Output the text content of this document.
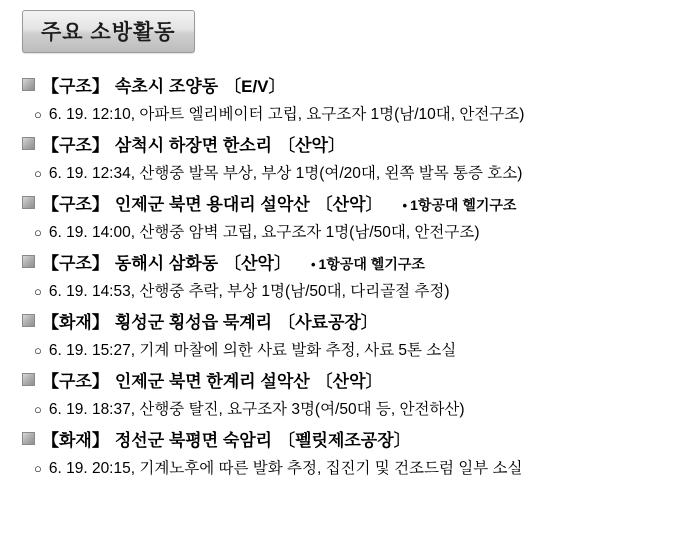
주요 소방활동
【구조】 속초시 조양동 〔E/V〕
○ 6. 19. 12:10, 아파트 엘리베이터 고립, 요구조자 1명(남/10대, 안전구조)
【구조】 삼척시 하장면 한소리 〔산악〕
○ 6. 19. 12:34, 산행중 발목 부상, 부상 1명(여/20대, 왼쪽 발목 통증 호소)
【구조】 인제군 북면 용대리 설악산 〔산악〕 • 1항공대 헬기구조
○ 6. 19. 14:00, 산행중 암벽 고립, 요구조자 1명(남/50대, 안전구조)
【구조】 동해시 삼화동 〔산악〕 • 1항공대 헬기구조
○ 6. 19. 14:53, 산행중 추락, 부상 1명(남/50대, 다리골절 추정)
【화재】 횡성군 횡성읍 묵계리 〔사료공장〕
○ 6. 19. 15:27, 기계 마찰에 의한 사료 발화 추정, 사료 5톤 소실
【구조】 인제군 북면 한계리 설악산 〔산악〕
○ 6. 19. 18:37, 산행중 탈진, 요구조자 3명(여/50대 등, 안전하산)
【화재】 정선군 북평면 숙암리 〔펠릿제조공장〕
○ 6. 19. 20:15, 기계노후에 따른 발화 추정, 집진기 및 건조드럼 일부 소실
